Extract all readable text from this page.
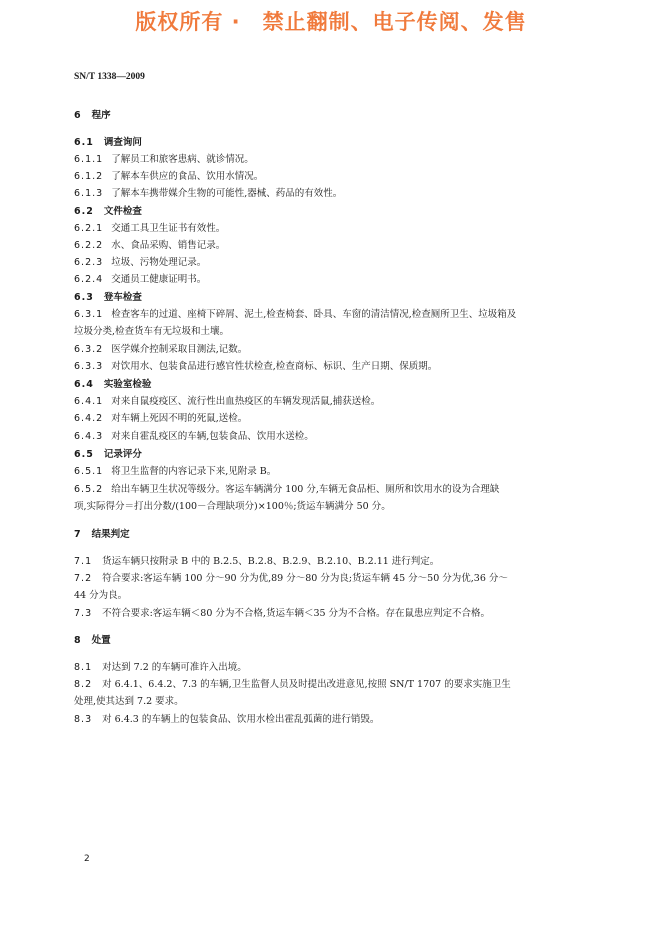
版权所有 ·　禁止翻制、电子传阅、发售
SN/T 1338—2009
6 程序
6.1 调查询问
6.1.1 了解员工和旅客患病、就诊情况。
6.1.2 了解本车供应的食品、饮用水情况。
6.1.3 了解本车携带媒介生物的可能性,器械、药品的有效性。
6.2 文件检查
6.2.1 交通工具卫生证书有效性。
6.2.2 水、食品采购、销售记录。
6.2.3 垃圾、污物处理记录。
6.2.4 交通员工健康证明书。
6.3 登车检查
6.3.1 检查客车的过道、座椅下碎屑、泥土,检查椅套、卧具、车窗的清洁情况,检查厕所卫生、垃圾箱及
垃圾分类,检查货车有无垃圾和土壤。
6.3.2 医学媒介控制采取目测法,记数。
6.3.3 对饮用水、包装食品进行感官性状检查,检查商标、标识、生产日期、保质期。
6.4 实验室检验
6.4.1 对来自鼠疫疫区、流行性出血热疫区的车辆发现活鼠,捕获送检。
6.4.2 对车辆上死因不明的死鼠,送检。
6.4.3 对来自霍乱疫区的车辆,包装食品、饮用水送检。
6.5 记录评分
6.5.1 将卫生监督的内容记录下来,见附录 B。
6.5.2 给出车辆卫生状况等级分。客运车辆满分 100 分,车辆无食品柜、厕所和饮用水的设为合理缺
项,实际得分＝打出分数/(100－合理缺项分)×100％;货运车辆满分 50 分。
7 结果判定
7.1 货运车辆只按附录 B 中的 B.2.5、B.2.8、B.2.9、B.2.10、B.2.11 进行判定。
7.2 符合要求:客运车辆 100 分～90 分为优,89 分～80 分为良;货运车辆 45 分～50 分为优,36 分～
44 分为良。
7.3 不符合要求:客运车辆＜80 分为不合格,货运车辆＜35 分为不合格。存在鼠患应判定不合格。
8 处置
8.1 对达到 7.2 的车辆可准许入出境。
8.2 对 6.4.1、6.4.2、7.3 的车辆,卫生监督人员及时提出改进意见,按照 SN/T 1707 的要求实施卫生
处理,使其达到 7.2 要求。
8.3 对 6.4.3 的车辆上的包装食品、饮用水检出霍乱弧菌的进行销毁。
2
